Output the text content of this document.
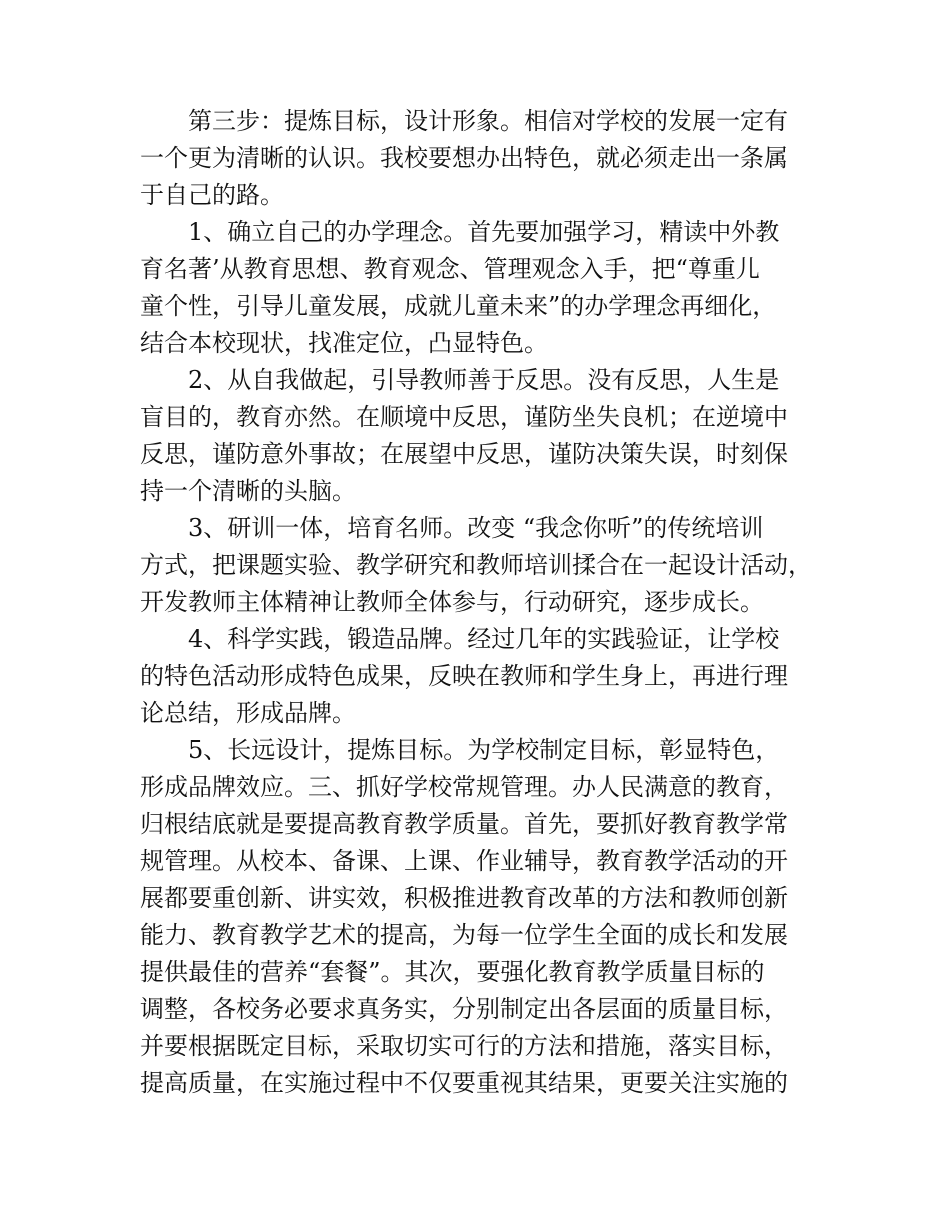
第三步：提炼目标，设计形象。相信对学校的发展一定有
一个更为清晰的认识。我校要想办出特色，就必须走出一条属
于自己的路。

1、确立自己的办学理念。首先要加强学习，精读中外教
育名著’从教育思想、教育观念、管理观念入手，把“尊重儿
童个性，引导儿童发展，成就儿童未来”的办学理念再细化，
结合本校现状，找准定位，凸显特色。

2、从自我做起，引导教师善于反思。没有反思，人生是
盲目的，教育亦然。在顺境中反思，谨防坐失良机；在逆境中
反思，谨防意外事故；在展望中反思，谨防决策失误，时刻保
持一个清晰的头脑。

3、研训一体，培育名师。改变 “我念你听”的传统培训
方式，把课题实验、教学研究和教师培训揉合在一起设计活动，
开发教师主体精神让教师全体参与，行动研究，逐步成长。

4、科学实践，锻造品牌。经过几年的实践验证，让学校
的特色活动形成特色成果，反映在教师和学生身上，再进行理
论总结，形成品牌。

5、长远设计，提炼目标。为学校制定目标，彰显特色，
形成品牌效应。三、抓好学校常规管理。办人民满意的教育，
归根结底就是要提高教育教学质量。首先，要抓好教育教学常
规管理。从校本、备课、上课、作业辅导，教育教学活动的开
展都要重创新、讲实效，积极推进教育改革的方法和教师创新
能力、教育教学艺术的提高，为每一位学生全面的成长和发展
提供最佳的营养“套餐”。其次，要强化教育教学质量目标的
调整，各校务必要求真务实，分别制定出各层面的质量目标，
并要根据既定目标，采取切实可行的方法和措施，落实目标，
提高质量，在实施过程中不仅要重视其结果，更要关注实施的
